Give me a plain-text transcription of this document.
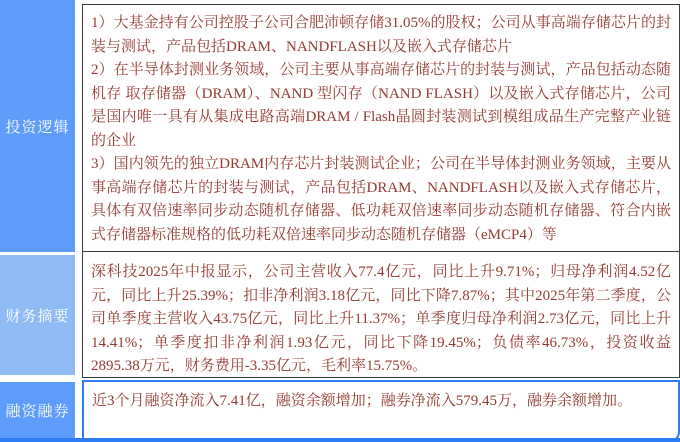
投资逻辑

1）大基金持有公司控股子公司合肥沛顿存储31.05%的股权；公司从事高端存储芯片的封装与测试，产品包括DRAM、NANDFLASH以及嵌入式存储芯片

2）在半导体封测业务领域，公司主要从事高端存储芯片的封装与测试，产品包括动态随机存 取存储器（DRAM）、NAND 型闪存（NAND FLASH）以及嵌入式存储芯片，公司是国内唯一具有从集成电路高端DRAM / Flash晶圆封装测试到模组成品生产完整产业链的企业

3）国内领先的独立DRAM内存芯片封装测试企业；公司在半导体封测业务领域，主要从事高端存储芯片的封装与测试，产品包括DRAM、NANDFLASH以及嵌入式存储芯片，具体有双倍速率同步动态随机存储器、低功耗双倍速率同步动态随机存储器、符合内嵌式存储器标准规格的低功耗双倍速率同步动态随机存储器（eMCP4）等

财务摘要

深科技2025年中报显示，公司主营收入77.4亿元，同比上升9.71%；归母净利润4.52亿元，同比上升25.39%；扣非净利润3.18亿元，同比下降7.87%；其中2025年第二季度，公司单季度主营收入43.75亿元，同比上升11.37%；单季度归母净利润2.73亿元，同比上升14.41%；单季度扣非净利润1.93亿元，同比下降19.45%；负债率46.73%，投资收益2895.38万元，财务费用-3.35亿元，毛利率15.75%。

融资融券

近3个月融资净流入7.41亿，融资余额增加；融券净流入579.45万，融券余额增加。
